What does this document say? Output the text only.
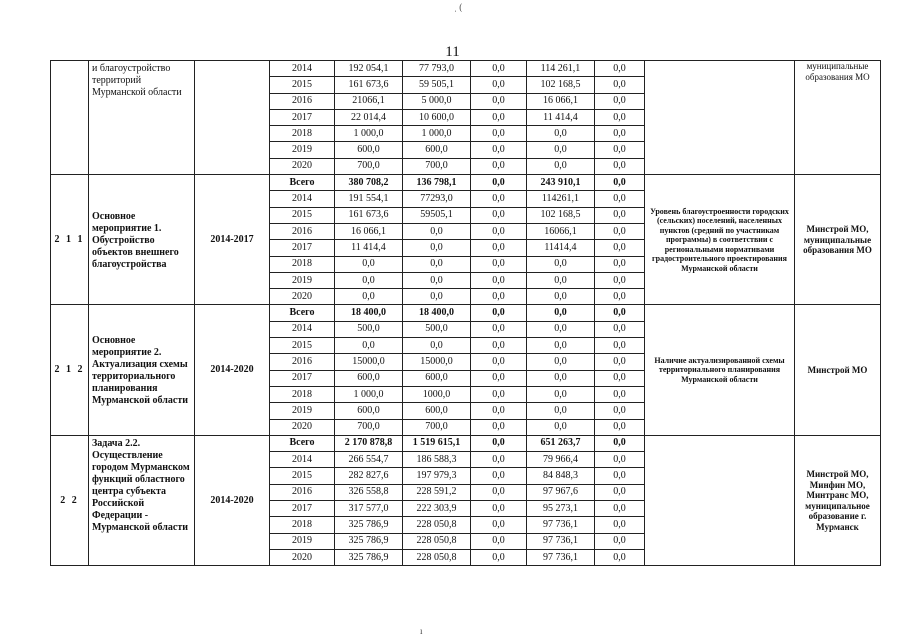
ˌ (
11
	и благоустройство территорий Мурманской области		2014	192 054,1	77 793,0	0,0	114 261,1	0,0		муниципальные образования МО
			2015	161 673,6	59 505,1	0,0	102 168,5	0,0		
			2016	21066,1	5 000,0	0,0	16 066,1	0,0		
			2017	22 014,4	10 600,0	0,0	11 414,4	0,0		
			2018	1 000,0	1 000,0	0,0	0,0	0,0		
			2019	600,0	600,0	0,0	0,0	0,0		
			2020	700,0	700,0	0,0	0,0	0,0		
2 1 1	Основное мероприятие 1. Обустройство объектов внешнего благоустройства	2014-2017	Всего	380 708,2	136 798,1	0,0	243 910,1	0,0	Уровень благоустроенности городских (сельских) поселений, населенных пунктов (средний по участникам программы) в соответствии с региональными нормативами градостроительного проектирования Мурманской области	Минстрой МО, муниципальные образования МО
			2014	191 554,1	77293,0	0,0	114261,1	0,0		
			2015	161 673,6	59505,1	0,0	102 168,5	0,0		
			2016	16 066,1	0,0	0,0	16066,1	0,0		
			2017	11 414,4	0,0	0,0	11414,4	0,0		
			2018	0,0	0,0	0,0	0,0	0,0		
			2019	0,0	0,0	0,0	0,0	0,0		
			2020	0,0	0,0	0,0	0,0	0,0		
2 1 2	Основное мероприятие 2. Актуализация схемы территориального планирования Мурманской области	2014-2020	Всего	18 400,0	18 400,0	0,0	0,0	0,0	Наличие актуализированной схемы территориального планирования Мурманской области	Минстрой МО
			2014	500,0	500,0	0,0	0,0	0,0		
			2015	0,0	0,0	0,0	0,0	0,0		
			2016	15000,0	15000,0	0,0	0,0	0,0		
			2017	600,0	600,0	0,0	0,0	0,0		
			2018	1 000,0	1000,0	0,0	0,0	0,0		
			2019	600,0	600,0	0,0	0,0	0,0		
			2020	700,0	700,0	0,0	0,0	0,0		
2 2	Задача 2.2. Осуществление городом Мурманском функций областного центра субъекта Российской Федерации - Мурманской области	2014-2020	Всего	2 170 878,8	1 519 615,1	0,0	651 263,7	0,0		Минстрой МО, Минфин МО, Минтранс МО, муниципальное образование г. Мурманск
			2014	266 554,7	186 588,3	0,0	79 966,4	0,0		
			2015	282 827,6	197 979,3	0,0	84 848,3	0,0		
			2016	326 558,8	228 591,2	0,0	97 967,6	0,0		
			2017	317 577,0	222 303,9	0,0	95 273,1	0,0		
			2018	325 786,9	228 050,8	0,0	97 736,1	0,0		
			2019	325 786,9	228 050,8	0,0	97 736,1	0,0		
			2020	325 786,9	228 050,8	0,0	97 736,1	0,0		
ı
